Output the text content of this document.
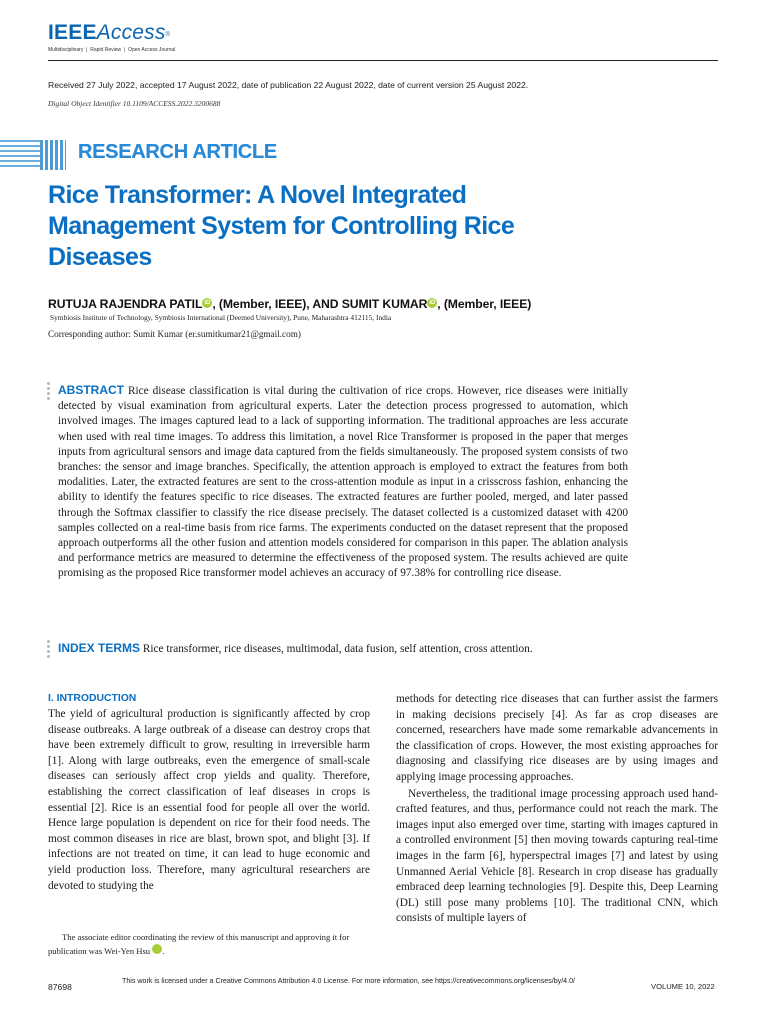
IEEEAccess®
Multidisciplinary ❘ Rapid Review ❘ Open Access Journal
Received 27 July 2022, accepted 17 August 2022, date of publication 22 August 2022, date of current version 25 August 2022.
Digital Object Identifier 10.1109/ACCESS.2022.3200688
RESEARCH ARTICLE
Rice Transformer: A Novel Integrated Management System for Controlling Rice Diseases
RUTUJA RAJENDRA PATIL iD , (Member, IEEE), AND SUMIT KUMAR iD , (Member, IEEE)
Symbiosis Institute of Technology, Symbiosis International (Deemed University), Pune, Maharashtra 412115, India
Corresponding author: Sumit Kumar (er.sumitkumar21@gmail.com)
ABSTRACT Rice disease classification is vital during the cultivation of rice crops. However, rice diseases were initially detected by visual examination from agricultural experts. Later the detection process progressed to automation, which involved images. The images captured lead to a lack of supporting information. The traditional approaches are less accurate when used with real time images. To address this limitation, a novel Rice Transformer is proposed in the paper that merges inputs from agricultural sensors and image data captured from the fields simultaneously. The proposed system consists of two branches: the sensor and image branches. Specifically, the attention approach is employed to extract the features from both modalities. Later, the extracted features are sent to the cross-attention module as input in a crisscross fashion, enhancing the ability to identify the features specific to rice diseases. The extracted features are further pooled, merged, and later passed through the Softmax classifier to classify the rice disease precisely. The dataset collected is a customized dataset with 4200 samples collected on a real-time basis from rice farms. The experiments conducted on the dataset represent that the proposed approach outperforms all the other fusion and attention models considered for comparison in this paper. The ablation analysis and performance metrics are measured to determine the effectiveness of the proposed system. The results achieved are quite promising as the proposed Rice transformer model achieves an accuracy of 97.38% for controlling rice disease.
INDEX TERMS Rice transformer, rice diseases, multimodal, data fusion, self attention, cross attention.
I. INTRODUCTION

The yield of agricultural production is significantly affected by crop disease outbreaks. A large outbreak of a disease can destroy crops that have been extremely difficult to grow, resulting in irreversible harm [1]. Along with large outbreaks, even the emergence of small-scale diseases can seriously affect crop yields and quality. Therefore, establishing the correct classification of leaf diseases in crops is essential [2]. Rice is an essential food for people all over the world. Hence large population is dependent on rice for their food needs. The most common diseases in rice are blast, brown spot, and blight [3]. If infections are not treated on time, it can lead to huge economic and yield production loss. Therefore, many agricultural researchers are devoted to studying the

methods for detecting rice diseases that can further assist the farmers in making decisions precisely [4]. As far as crop diseases are concerned, researchers have made some remarkable advancements in the classification of crops. However, the most existing approaches for diagnosing and classifying rice diseases are by using images and applying image processing approaches.

Nevertheless, the traditional image processing approach used hand-crafted features, and thus, performance could not reach the mark. The images input also emerged over time, starting with images captured in a controlled environment [5] then moving towards capturing real-time images in the farm [6], hyperspectral images [7] and latest by using Unmanned Aerial Vehicle [8]. Research in crop disease has gradually embraced deep learning technologies [9]. Despite this, Deep Learning (DL) still pose many problems [10]. The traditional CNN, which consists of multiple layers of

The associate editor coordinating the review of this manuscript and approving it for publication was Wei-Yen Hsu	iD.
87698
This work is licensed under a Creative Commons Attribution 4.0 License. For more information, see https://creativecommons.org/licenses/by/4.0/
VOLUME 10, 2022
